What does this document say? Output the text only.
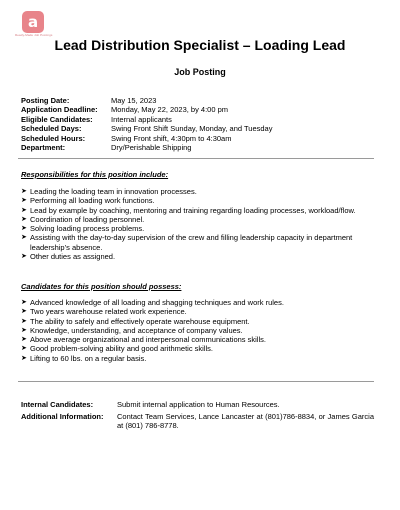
a
Ready-Made Job Postings
Lead Distribution Specialist – Loading Lead
Job Posting
Posting Date:	May 15, 2023
Application Deadline:	Monday, May 22, 2023, by 4:00 pm
Eligible Candidates:	Internal applicants
Scheduled Days:	Swing Front Shift Sunday, Monday, and Tuesday
Scheduled Hours:	Swing Front shift, 4:30pm to 4:30am
Department:	Dry/Perishable Shipping
Responsibilities for this position include:
➤ Leading the loading team in innovation processes.
➤ Performing all loading work functions.
➤ Lead by example by coaching, mentoring and training regarding loading processes, workload/flow.
➤ Coordination of loading personnel.
➤ Solving loading process problems.
➤ Assisting with the day-to-day supervision of the crew and filling leadership capacity in department leadership’s absence.
➤ Other duties as assigned.
Candidates for this position should possess:
➤ Advanced knowledge of all loading and shagging techniques and work rules.
➤ Two years warehouse related work experience.
➤ The ability to safely and effectively operate warehouse equipment.
➤ Knowledge, understanding, and acceptance of company values.
➤ Above average organizational and interpersonal communications skills.
➤ Good problem-solving ability and good arithmetic skills.
➤ Lifting to 60 lbs. on a regular basis.
Internal Candidates:	Submit internal application to Human Resources.
Additional Information:	Contact Team Services, Lance Lancaster at (801)786-8834, or James Garcia at (801) 786-8778.
